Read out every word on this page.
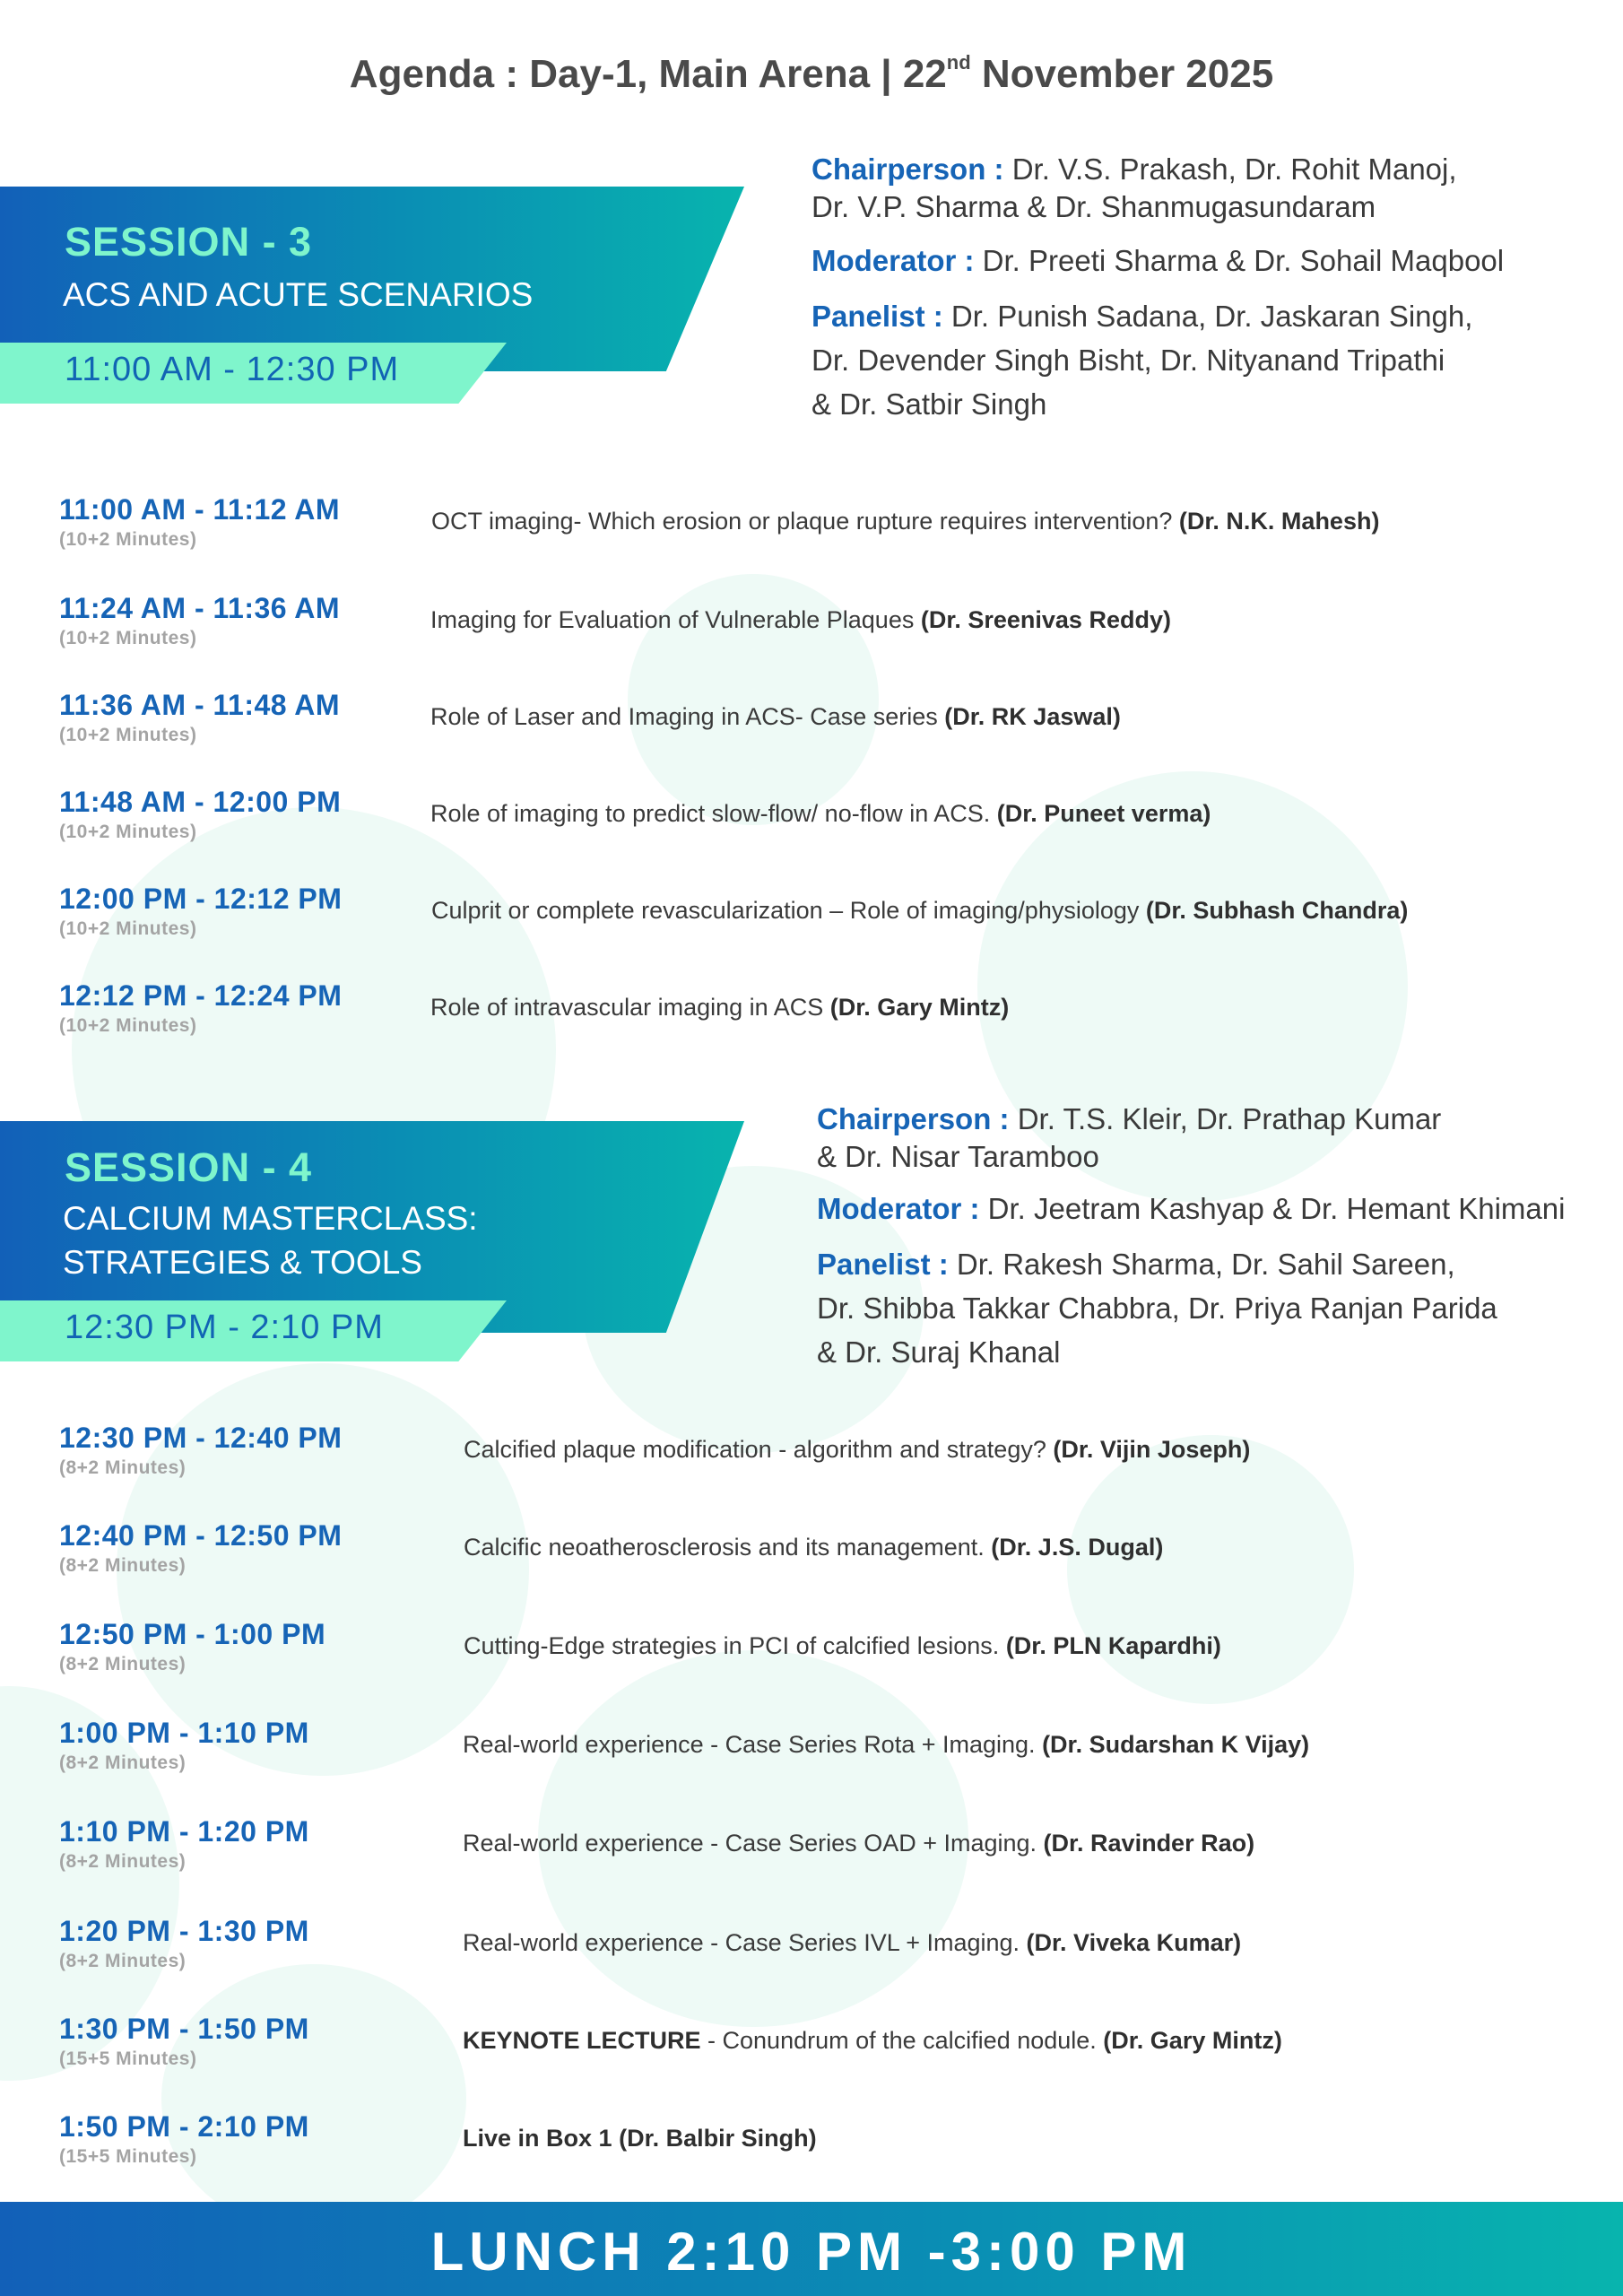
Agenda : Day-1, Main Arena | 22nd November 2025
SESSION - 3
ACS AND ACUTE SCENARIOS
11:00 AM - 12:30 PM
Chairperson : Dr. V.S. Prakash, Dr. Rohit Manoj,
Dr. V.P. Sharma & Dr. Shanmugasundaram
Moderator : Dr. Preeti Sharma & Dr. Sohail Maqbool
Panelist : Dr. Punish Sadana, Dr. Jaskaran Singh,
Dr. Devender Singh Bisht, Dr. Nityanand Tripathi
& Dr. Satbir Singh
11:00 AM - 11:12 AM
(10+2 Minutes)
OCT imaging- Which erosion or plaque rupture requires intervention? (Dr. N.K. Mahesh)
11:24 AM - 11:36 AM
(10+2 Minutes)
Imaging for Evaluation of Vulnerable Plaques (Dr. Sreenivas Reddy)
11:36 AM - 11:48 AM
(10+2 Minutes)
Role of Laser and Imaging in ACS- Case series (Dr. RK Jaswal)
11:48 AM - 12:00 PM
(10+2 Minutes)
Role of imaging to predict slow-flow/ no-flow in ACS. (Dr. Puneet verma)
12:00 PM - 12:12 PM
(10+2 Minutes)
Culprit or complete revascularization – Role of imaging/physiology (Dr. Subhash Chandra)
12:12 PM - 12:24 PM
(10+2 Minutes)
Role of intravascular imaging in ACS (Dr. Gary Mintz)
SESSION - 4
CALCIUM MASTERCLASS:
STRATEGIES & TOOLS
12:30 PM - 2:10 PM
Chairperson : Dr. T.S. Kleir, Dr. Prathap Kumar
& Dr. Nisar Taramboo
Moderator : Dr. Jeetram Kashyap & Dr. Hemant Khimani
Panelist : Dr. Rakesh Sharma, Dr. Sahil Sareen,
Dr. Shibba Takkar Chabbra, Dr. Priya Ranjan Parida
& Dr. Suraj Khanal
12:30 PM - 12:40 PM
(8+2 Minutes)
Calcified plaque modification - algorithm and strategy? (Dr. Vijin Joseph)
12:40 PM - 12:50 PM
(8+2 Minutes)
Calcific neoatherosclerosis and its management. (Dr. J.S. Dugal)
12:50 PM - 1:00 PM
(8+2 Minutes)
Cutting-Edge strategies in PCI of calcified lesions. (Dr. PLN Kapardhi)
1:00 PM - 1:10 PM
(8+2 Minutes)
Real-world experience - Case Series Rota + Imaging. (Dr. Sudarshan K Vijay)
1:10 PM - 1:20 PM
(8+2 Minutes)
Real-world experience - Case Series OAD + Imaging. (Dr. Ravinder Rao)
1:20 PM - 1:30 PM
(8+2 Minutes)
Real-world experience - Case Series IVL + Imaging. (Dr. Viveka Kumar)
1:30 PM - 1:50 PM
(15+5 Minutes)
KEYNOTE LECTURE - Conundrum of the calcified nodule. (Dr. Gary Mintz)
1:50 PM - 2:10 PM
(15+5 Minutes)
Live in Box 1 (Dr. Balbir Singh)
LUNCH 2:10 PM -3:00 PM
